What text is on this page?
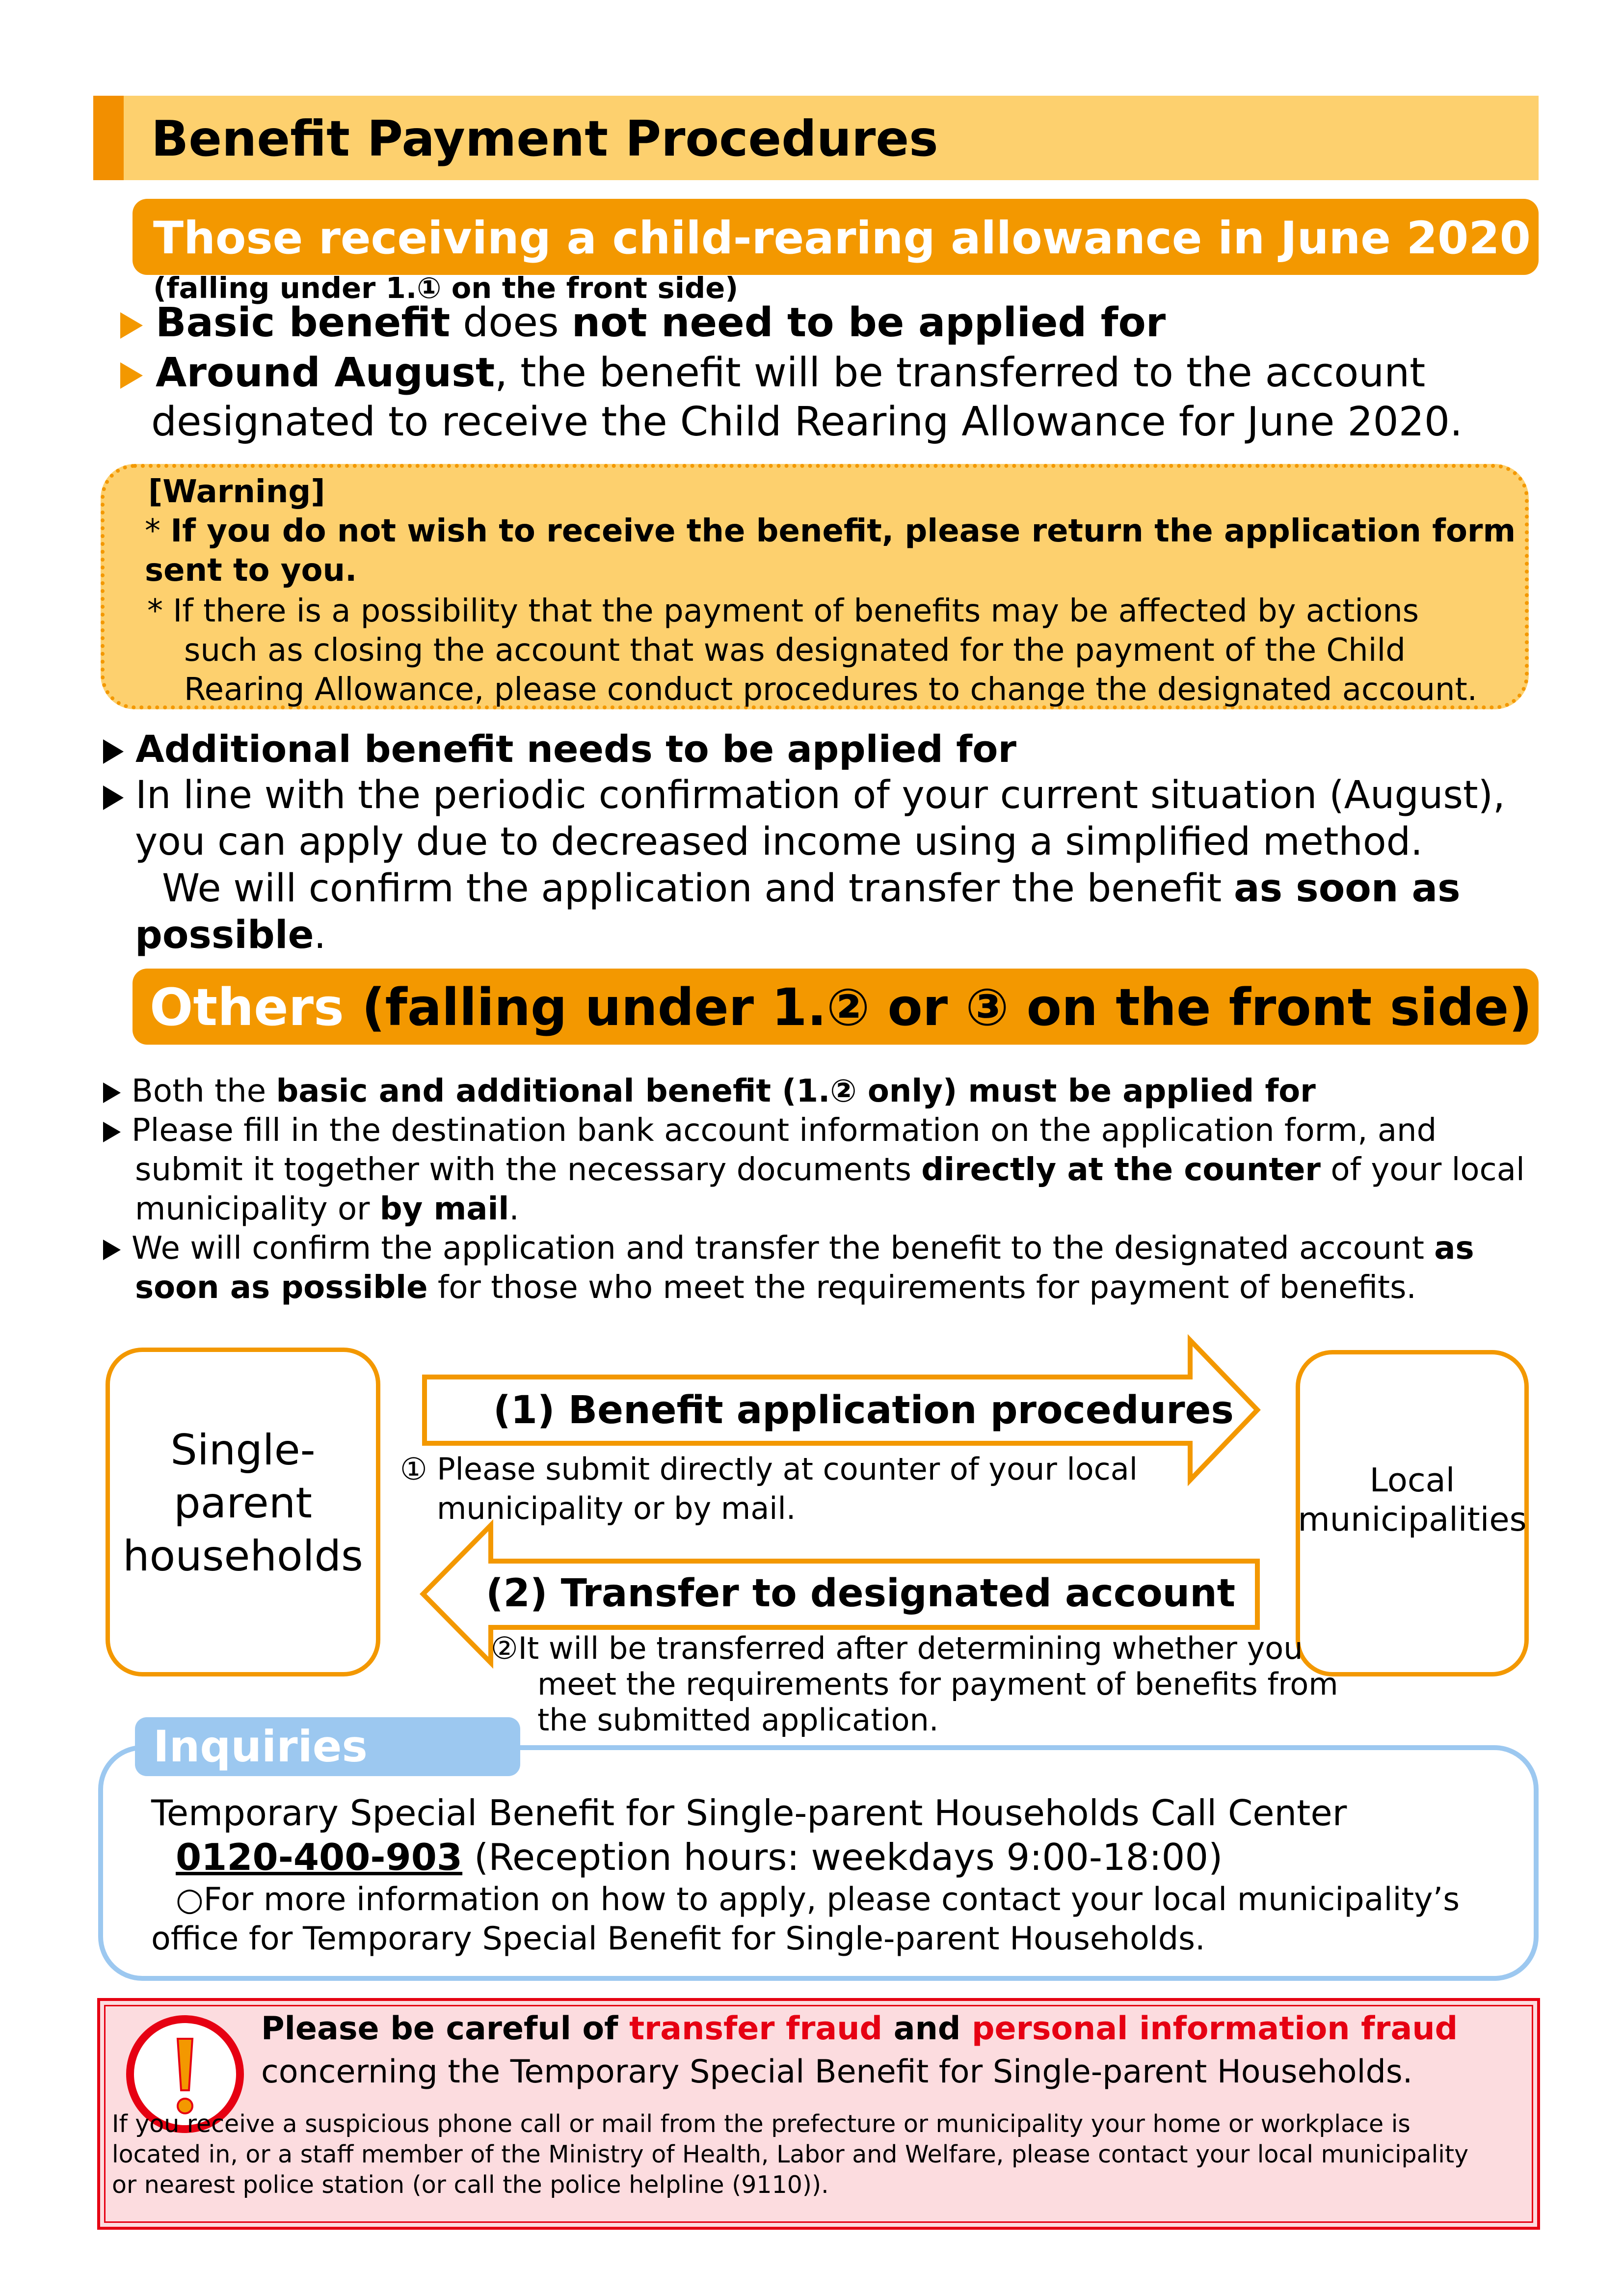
Benefit Payment Procedures
Those receiving a child-rearing allowance in June 2020
(falling under 1.① on the front side)
Basic benefit does not need to be applied for
Around August, the benefit will be transferred to the account
designated to receive the Child Rearing Allowance for June 2020.
[Warning]
* If you do not wish to receive the benefit, please return the application form
sent to you.
* If there is a possibility that the payment of benefits may be affected by actions
such as closing the account that was designated for the payment of the Child
Rearing Allowance, please conduct procedures to change the designated account.
Additional benefit needs to be applied for
In line with the periodic confirmation of your current situation (August),
you can apply due to decreased income using a simplified method.
We will confirm the application and transfer the benefit as soon as
possible.
Others (falling under 1.② or ③ on the front side)
Both the basic and additional benefit (1.② only) must be applied for
Please fill in the destination bank account information on the application form, and
submit it together with the necessary documents directly at the counter of your local
municipality or by mail.
We will confirm the application and transfer the benefit to the designated account as
soon as possible for those who meet the requirements for payment of benefits.
Single-
parent
households
Local
municipalities
(1) Benefit application procedures
① Please submit directly at counter of your local
municipality or by mail.
(2) Transfer to designated account
②It will be transferred after determining whether you
meet the requirements for payment of benefits from
the submitted application.
Inquiries
Temporary Special Benefit for Single-parent Households Call Center
0120-400-903 (Reception hours: weekdays 9:00-18:00)
○For more information on how to apply, please contact your local municipality’s
office for Temporary Special Benefit for Single-parent Households.
Please be careful of transfer fraud and personal information fraud
concerning the Temporary Special Benefit for Single-parent Households.
If you receive a suspicious phone call or mail from the prefecture or municipality your home or workplace is
located in, or a staff member of the Ministry of Health, Labor and Welfare, please contact your local municipality
or nearest police station (or call the police helpline (9110)).
